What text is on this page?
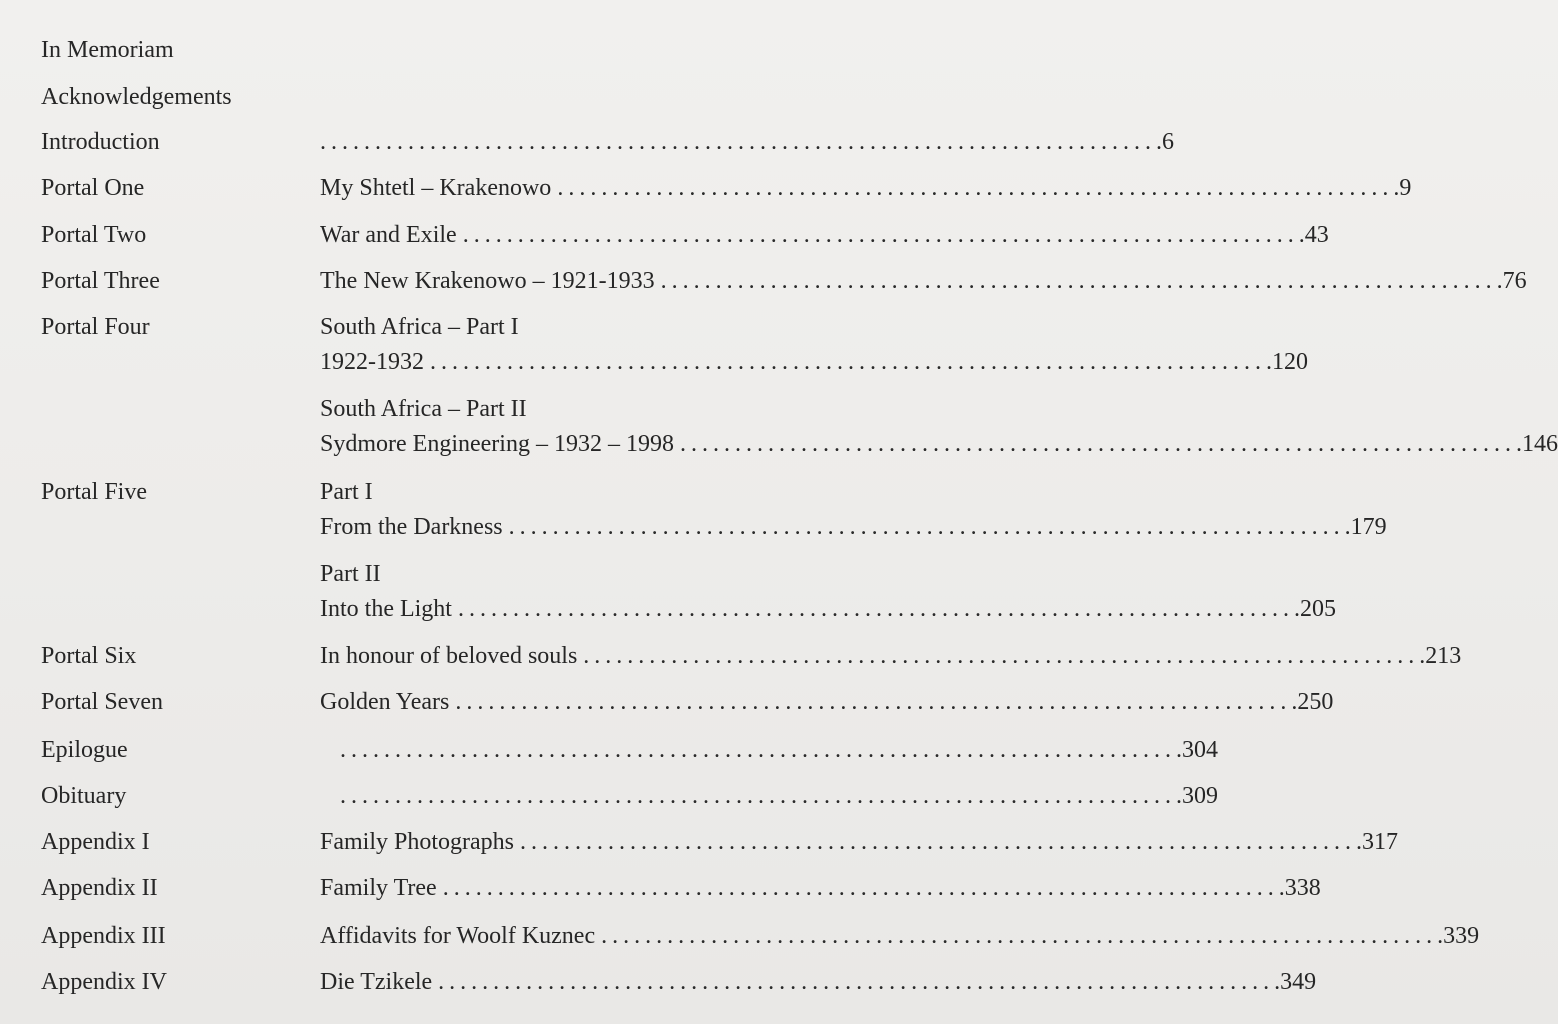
In Memoriam
Acknowledgements
Introduction	............................................................................ .6
Portal One	My Shtetl – Krakenowo ............................................................................ .9
Portal Two	War and Exile ............................................................................ .43
Portal Three	The New Krakenowo – 1921-1933 ............................................................................ .76
Portal Four	South Africa – Part I
1922-1932 ............................................................................ .120
South Africa – Part II
Sydmore Engineering – 1932 – 1998 ............................................................................ .146
Portal Five	Part I
From the Darkness ............................................................................ .179
Part II
Into the Light ............................................................................ .205
Portal Six	In honour of beloved souls ............................................................................ .213
Portal Seven	Golden Years ............................................................................ .250
Epilogue	............................................................................ .304
Obituary	............................................................................ .309
Appendix I	Family Photographs ............................................................................ .317
Appendix II	Family Tree ............................................................................ .338
Appendix III	Affidavits for Woolf Kuznec ............................................................................ .339
Appendix IV	Die Tzikele ............................................................................ .349
